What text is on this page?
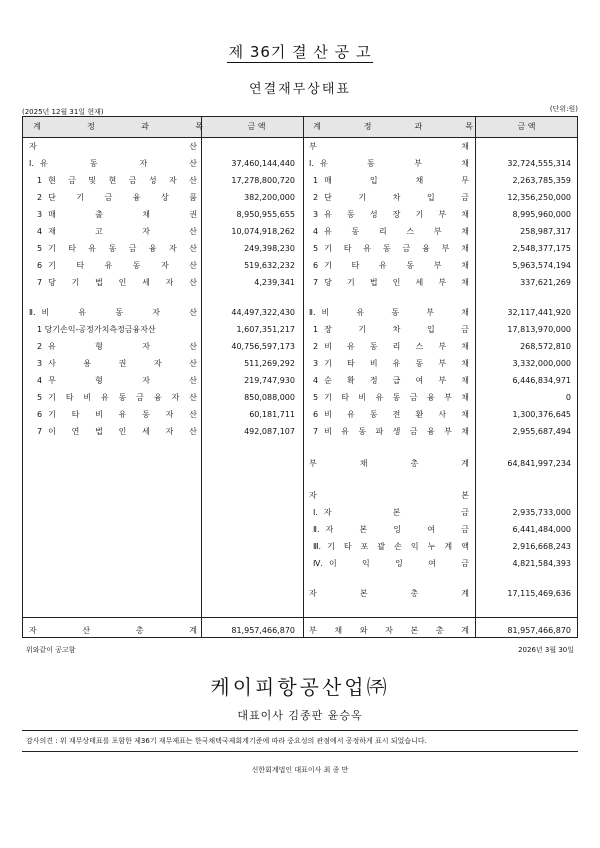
제 36기 결 산 공 고
연결재무상태표
(2025년 12월 31일 현재)	(단위:원)
계	정	과	목	금 액	계	정	과	목	금 액
자	산
Ⅰ. 유	동	자	산	37,460,144,440
1 현 금 및 현 금 성 자 산	17,278,800,720
2 단	기	금	융	상	품	382,200,000
3 매	출	채	권	8,950,955,655
4 재	고	자	산	10,074,918,262
5 기 타 유 동 금 융 자 산	249,398,230
6 기	타	유	동	자	산	519,632,232
7 당 기 법 인 세 자 산	4,239,341
Ⅱ. 비	유	동	자	산	44,497,322,430
1 당기손익-공정가치측정금융자산	1,607,351,217
2 유	형	자	산	40,756,597,173
3 사	용	권	자	산	511,269,292
4 무	형	자	산	219,747,930
5 기 타 비 유 동 금 융 자 산	850,088,000
6 기 타 비 유 동 자 산	60,181,711
7 이 연 법 인 세 자 산	492,087,107
자	산	총	계	81,957,466,870
부	채
Ⅰ. 유	동	부	채	32,724,555,314
1 매	입	채	무	2,263,785,359
2 단	기	차	입	금	12,356,250,000
3 유 동 성 장 기 부 채	8,995,960,000
4 유 동 리 스 부 채	258,987,317
5 기 타 유 동 금 융 부 채	2,548,377,175
6 기 타 유 동 부 채	5,963,574,194
7 당 기 법 인 세 부 채	337,621,269
Ⅱ. 비	유	동	부	채	32,117,441,920
1 장	기	차	입	금	17,813,970,000
2 비 유 동 리 스 부 채	268,572,810
3 기 타 비 유 동 부 채	3,332,000,000
4 순 확 정 급 여 부 채	6,446,834,971
5 기 타 비 유 동 금 융 부 채	0
6 비 유 동 전 환 사 채	1,300,376,645
7 비 유 동 파 생 금 융 부 채	2,955,687,494
부	채	총	계	64,841,997,234
자	본
Ⅰ. 자	본	금	2,935,733,000
Ⅱ. 자	본	잉	여	금	6,441,484,000
Ⅲ. 기 타 포 괄 손 익 누 계 액	2,916,668,243
Ⅳ. 이	익	잉	여	금	4,821,584,393
자	본	총	계	17,115,469,636
부 채 와 자 본 총 계	81,957,466,870
위와같이 공고함	2026년 3월 30일
케이피항공산업㈜
대표이사 김종판 윤승옥
감사의견 : 위 재무상태표를 포함한 제36기 재무제표는 한국채택국제회계기준에 따라 중요성의 관점에서 공정하게 표시 되었습니다.
신한회계법인 대표이사 최 종 만
